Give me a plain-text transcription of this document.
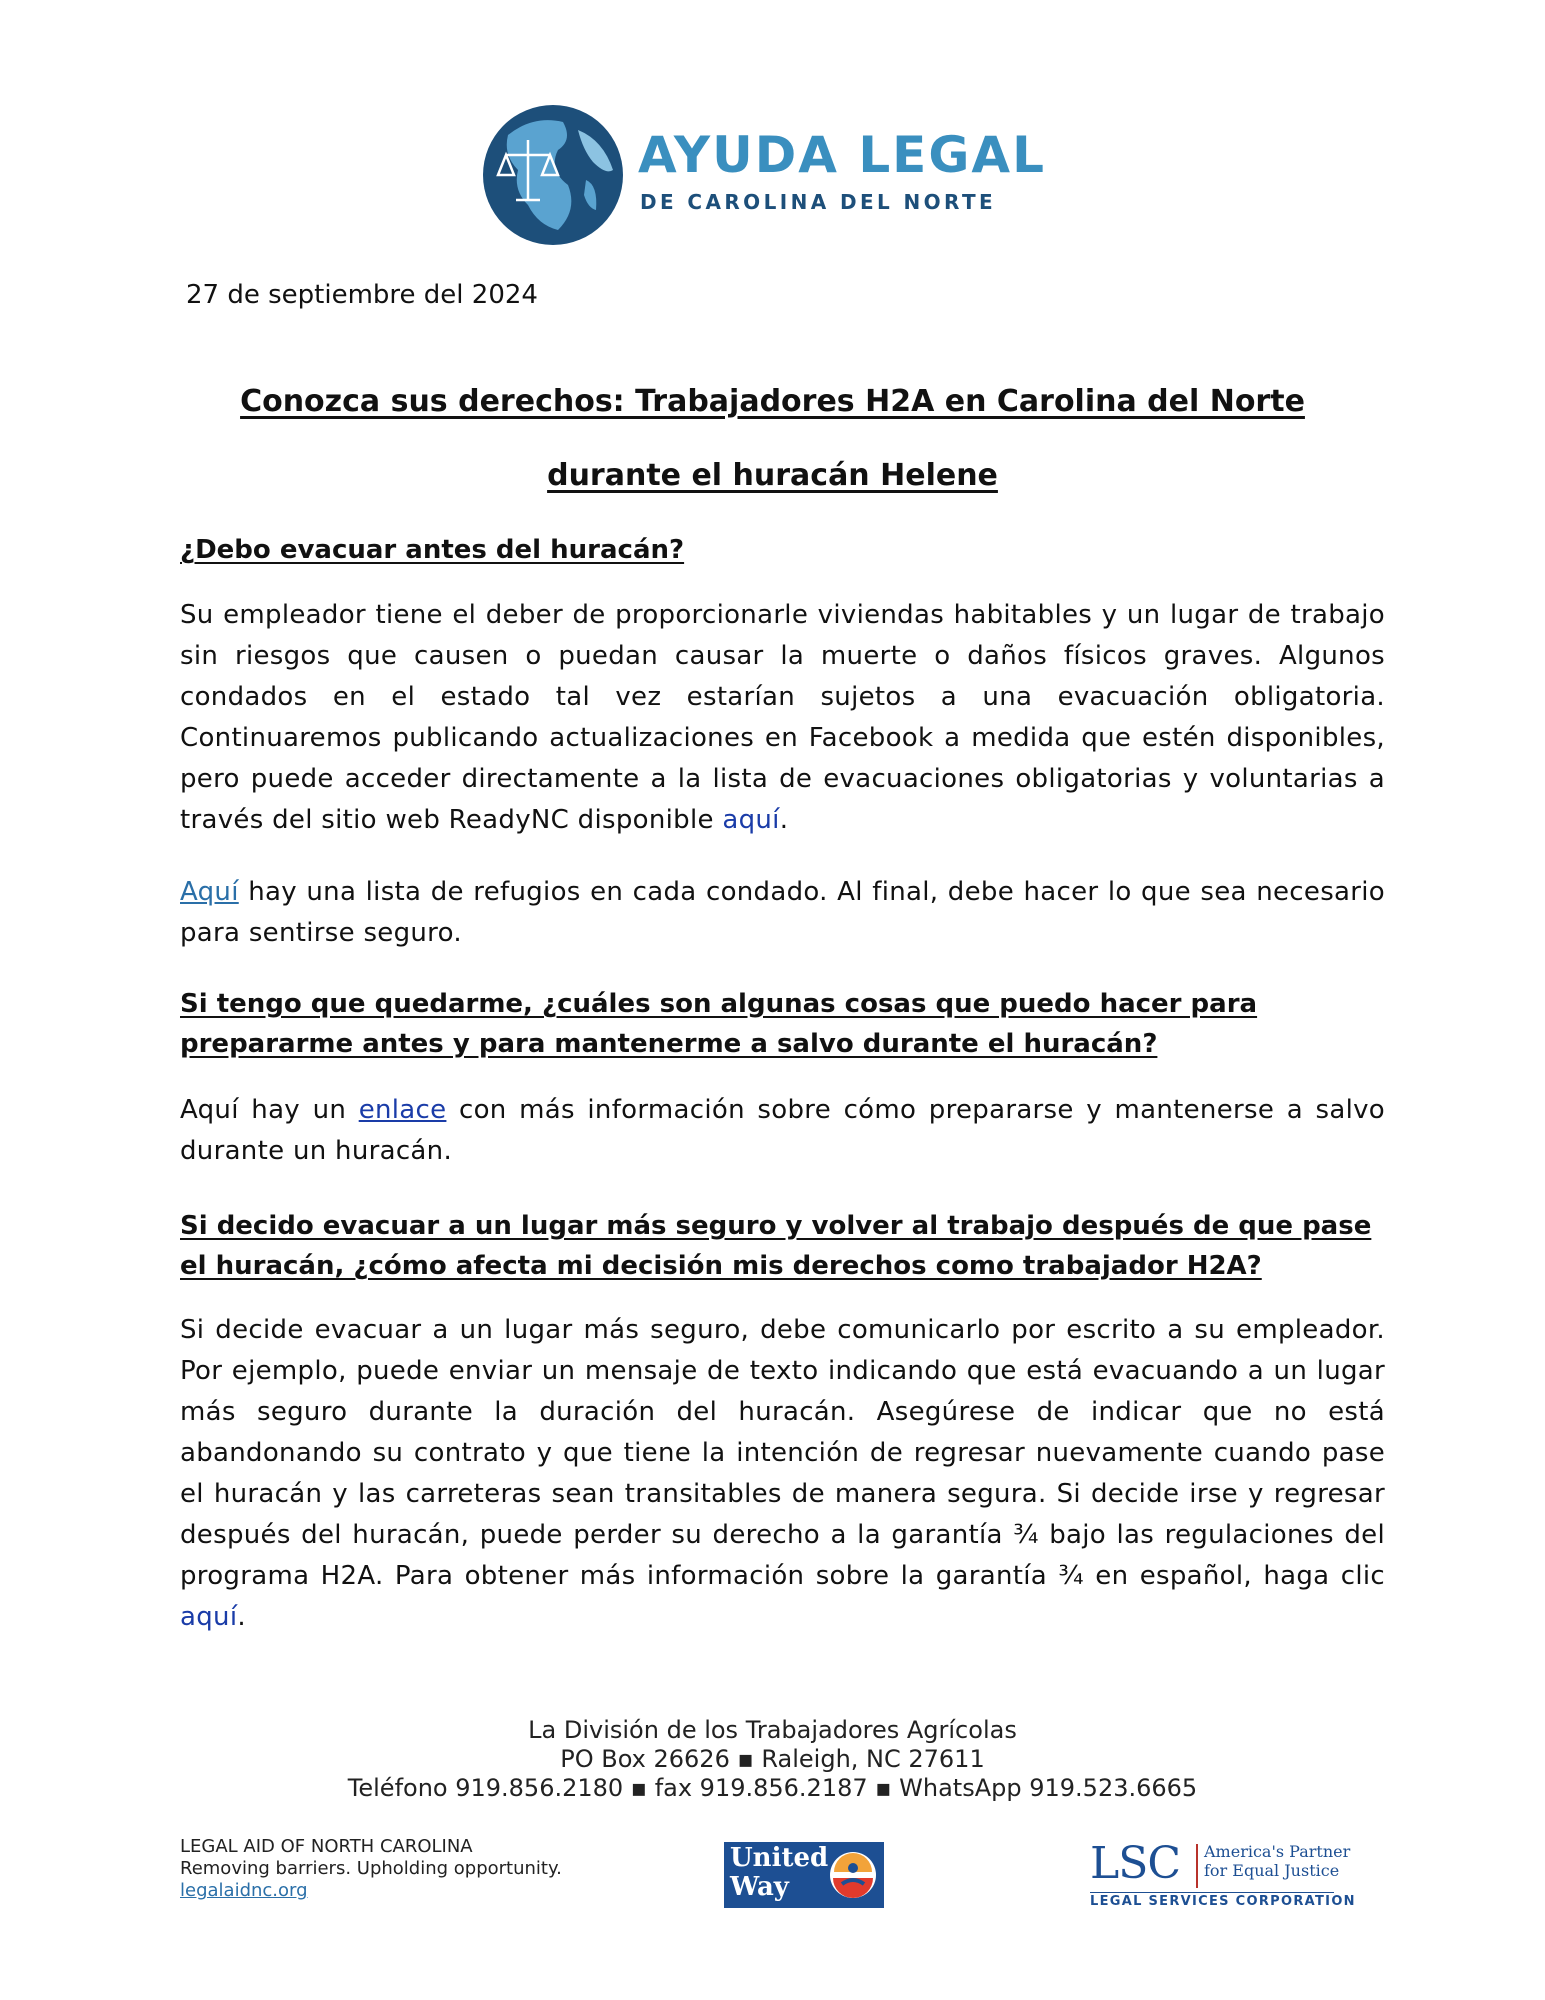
AYUDA LEGAL
DE CAROLINA DEL NORTE
27 de septiembre del 2024
Conozca sus derechos: Trabajadores H2A en Carolina del Norte
durante el huracán Helene

¿Debo evacuar antes del huracán?

Su empleador tiene el deber de proporcionarle viviendas habitables y un lugar de trabajo sin riesgos que causen o puedan causar la muerte o daños físicos graves. Algunos condados en el estado tal vez estarían sujetos a una evacuación obligatoria. Continuaremos publicando actualizaciones en Facebook a medida que estén disponibles, pero puede acceder directamente a la lista de evacuaciones obligatorias y voluntarias a través del sitio web ReadyNC disponible aquí.

Aquí hay una lista de refugios en cada condado. Al final, debe hacer lo que sea necesario para sentirse seguro.

Si tengo que quedarme, ¿cuáles son algunas cosas que puedo hacer para prepararme antes y para mantenerme a salvo durante el huracán?

Aquí hay un enlace con más información sobre cómo prepararse y mantenerse a salvo durante un huracán.

Si decido evacuar a un lugar más seguro y volver al trabajo después de que pase el huracán, ¿cómo afecta mi decisión mis derechos como trabajador H2A?

Si decide evacuar a un lugar más seguro, debe comunicarlo por escrito a su empleador. Por ejemplo, puede enviar un mensaje de texto indicando que está evacuando a un lugar más seguro durante la duración del huracán. Asegúrese de indicar que no está abandonando su contrato y que tiene la intención de regresar nuevamente cuando pase el huracán y las carreteras sean transitables de manera segura. Si decide irse y regresar después del huracán, puede perder su derecho a la garantía ¾ bajo las regulaciones del programa H2A. Para obtener más información sobre la garantía ¾ en español, haga clic aquí.

La División de los Trabajadores Agrícolas
PO Box 26626 ▪ Raleigh, NC 27611
Teléfono 919.856.2180 ▪ fax 919.856.2187 ▪ WhatsApp 919.523.6665
LEGAL AID OF NORTH CAROLINA
Removing barriers. Upholding opportunity.
legalaidnc.org
United
Way	LSC America's Partner
for Equal Justice
LEGAL SERVICES CORPORATION
